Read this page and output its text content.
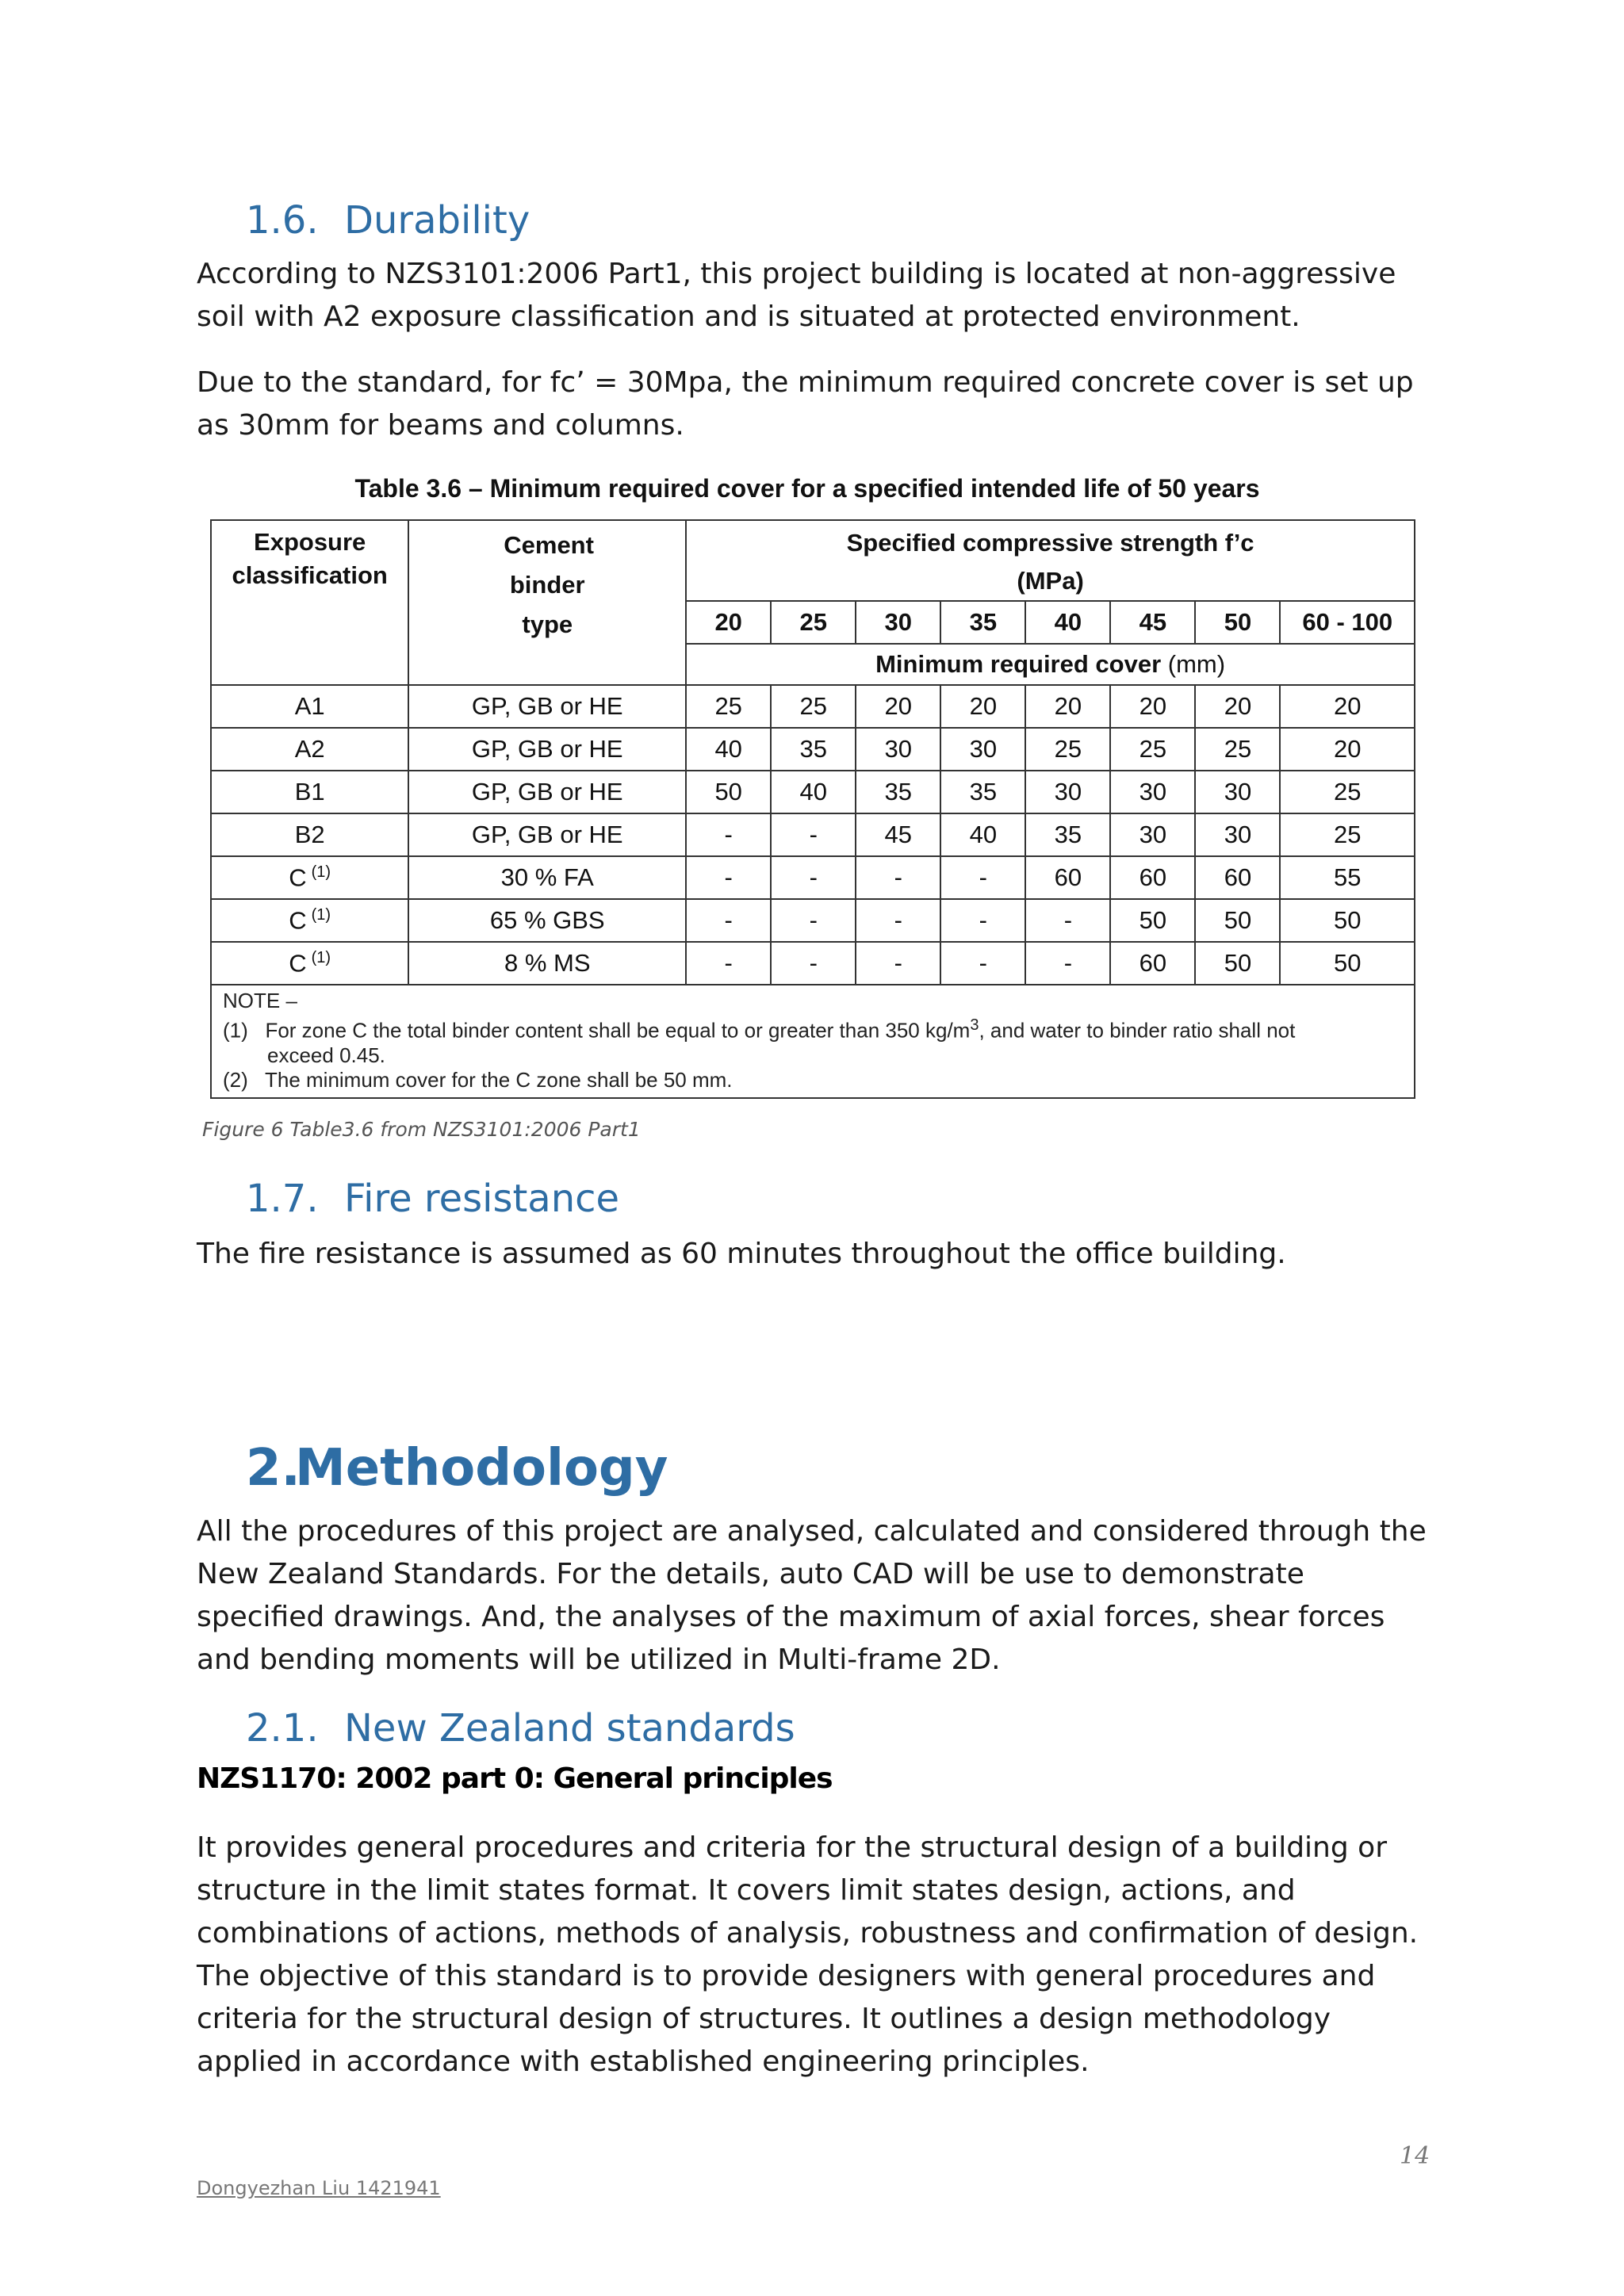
1.6. Durability

According to NZS3101:2006 Part1, this project building is located at non-aggressive soil with A2 exposure classification and is situated at protected environment.

Due to the standard, for fc’ = 30Mpa, the minimum required concrete cover is set up as 30mm for beams and columns.

Table 3.6 – Minimum required cover for a specified intended life of 50 years

Exposure classification	Cement binder type	Specified compressive strength f’c
(MPa)							

		20	25	30	35	40	45	50	60 - 100
		Minimum required cover (mm)							
A1	GP, GB or HE	25	25	20	20	20	20	20	20
A2	GP, GB or HE	40	35	30	30	25	25	25	20
B1	GP, GB or HE	50	40	35	35	30	30	30	25
B2	GP, GB or HE	-	-	45	40	35	30	30	25
C $^{(1)}$	30 % FA	-	-	-	-	60	60	60	55
C $^{(1)}$	65 % GBS	-	-	-	-	-	50	50	50
C $^{(1)}$	8 % MS	-	-	-	-	-	60	50	50

NOTE –
(1)   For zone C the total binder content shall be equal to or greater than 350 $kg/m^3$, and water to binder ratio shall not
exceed 0.45.
(2)   The minimum cover for the C zone shall be 50 mm.									

Figure 6 Table3.6 from NZS3101:2006 Part1

1.7. Fire resistance

The fire resistance is assumed as 60 minutes throughout the office building.

2.Methodology

All the procedures of this project are analysed, calculated and considered through the New Zealand Standards. For the details, auto CAD will be use to demonstrate specified drawings. And, the analyses of the maximum of axial forces, shear forces and bending moments will be utilized in Multi-frame 2D.

2.1. New Zealand standards

NZS1170: 2002 part 0: General principles

It provides general procedures and criteria for the structural design of a building or structure in the limit states format. It covers limit states design, actions, and combinations of actions, methods of analysis, robustness and confirmation of design. The objective of this standard is to provide designers with general procedures and criteria for the structural design of structures. It outlines a design methodology applied in accordance with established engineering principles.

14
Dongyezhan Liu 1421941
